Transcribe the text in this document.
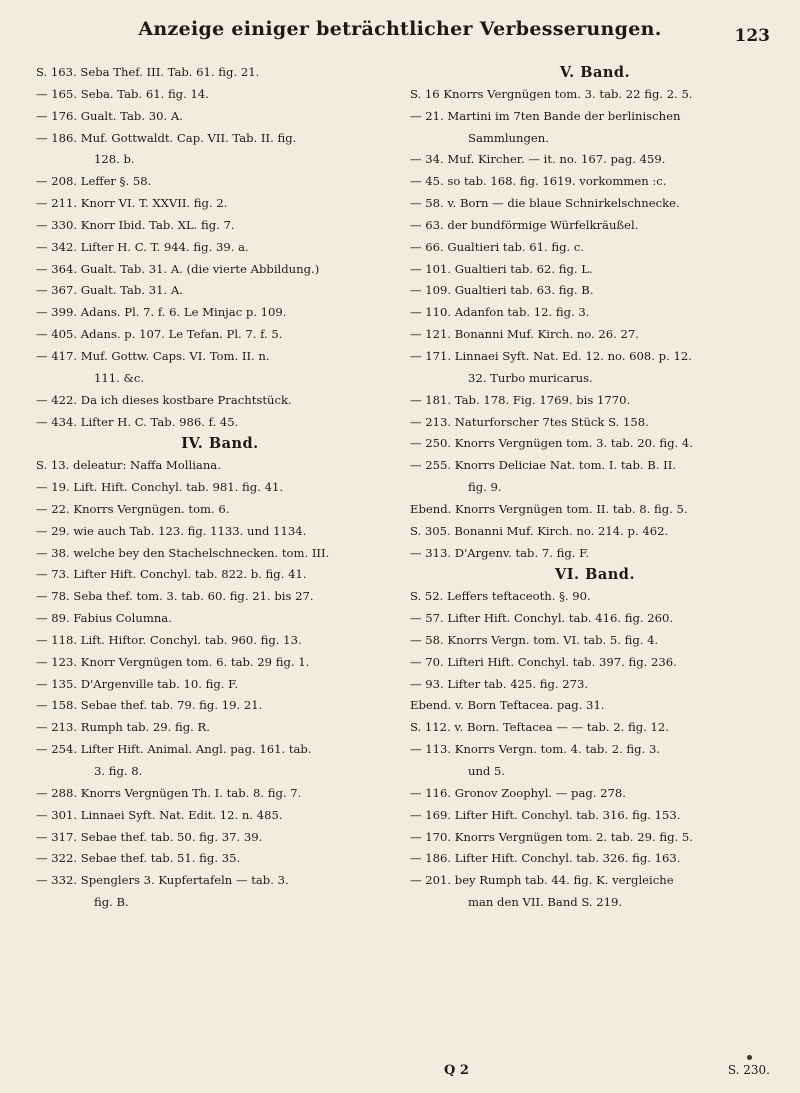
Anzeige einiger beträchtlicher Verbesserungen.	123
S. 163. Seba Thef. III. Tab. 61. fig. 21.
— 165. Seba. Tab. 61. fig. 14.
— 176. Gualt. Tab. 30. A.
— 186. Muf. Gottwaldt. Cap. VII. Tab. II. fig.
128. b.
— 208. Leffer §. 58.
— 211. Knorr VI. T. XXVII. fig. 2.
— 330. Knorr Ibid. Tab. XL. fig. 7.
— 342. Lifter H. C. T. 944. fig. 39. a.
— 364. Gualt. Tab. 31. A. (die vierte Abbildung.)
— 367. Gualt. Tab. 31. A.
— 399. Adans. Pl. 7. f. 6. Le Minjac p. 109.
— 405. Adans. p. 107. Le Tefan. Pl. 7. f. 5.
— 417. Muf. Gottw. Caps. VI. Tom. II. n.
111. &c.
— 422. Da ich dieses kostbare Prachtstück.
— 434. Lifter H. C. Tab. 986. f. 45.
IV. Band.
S. 13. deleatur: Naffa Molliana.
— 19. Lift. Hift. Conchyl. tab. 981. fig. 41.
— 22. Knorrs Vergnügen. tom. 6.
— 29. wie auch Tab. 123. fig. 1133. und 1134.
— 38. welche bey den Stachelschnecken. tom. III.
— 73. Lifter Hift. Conchyl. tab. 822. b. fig. 41.
— 78. Seba thef. tom. 3. tab. 60. fig. 21. bis 27.
— 89. Fabius Columna.
— 118. Lift. Hiftor. Conchyl. tab. 960. fig. 13.
— 123. Knorr Vergnügen tom. 6. tab. 29 fig. 1.
— 135. D'Argenville tab. 10. fig. F.
— 158. Sebae thef. tab. 79. fig. 19. 21.
— 213. Rumph tab. 29. fig. R.
— 254. Lifter Hift. Animal. Angl. pag. 161. tab.
3. fig. 8.
— 288. Knorrs Vergnügen Th. I. tab. 8. fig. 7.
— 301. Linnaei Syft. Nat. Edit. 12. n. 485.
— 317. Sebae thef. tab. 50. fig. 37. 39.
— 322. Sebae thef. tab. 51. fig. 35.
— 332. Spenglers 3. Kupfertafeln — tab. 3.
fig. B.
V. Band.
S. 16 Knorrs Vergnügen tom. 3. tab. 22 fig. 2. 5.
— 21. Martini im 7ten Bande der berlinischen
Sammlungen.
— 34. Muf. Kircher. — it. no. 167. pag. 459.
— 45. so tab. 168. fig. 1619. vorkommen :c.
— 58. v. Born — die blaue Schnirkelschnecke.
— 63. der bundförmige Würfelkräußel.
— 66. Gualtieri tab. 61. fig. c.
— 101. Gualtieri tab. 62. fig. L.
— 109. Gualtieri tab. 63. fig. B.
— 110. Adanfon tab. 12. fig. 3.
— 121. Bonanni Muf. Kirch. no. 26. 27.
— 171. Linnaei Syft. Nat. Ed. 12. no. 608. p. 12.
32. Turbo muricarus.
— 181. Tab. 178. Fig. 1769. bis 1770.
— 213. Naturforscher 7tes Stück S. 158.
— 250. Knorrs Vergnügen tom. 3. tab. 20. fig. 4.
— 255. Knorrs Deliciae Nat. tom. I. tab. B. II.
fig. 9.
Ebend. Knorrs Vergnügen tom. II. tab. 8. fig. 5.
S. 305. Bonanni Muf. Kirch. no. 214. p. 462.
— 313. D'Argenv. tab. 7. fig. F.
VI. Band.
S. 52. Leffers teftaceoth. §. 90.
— 57. Lifter Hift. Conchyl. tab. 416. fig. 260.
— 58. Knorrs Vergn. tom. VI. tab. 5. fig. 4.
— 70. Lifteri Hift. Conchyl. tab. 397. fig. 236.
— 93. Lifter tab. 425. fig. 273.
Ebend. v. Born Teftacea. pag. 31.
S. 112. v. Born. Teftacea — — tab. 2. fig. 12.
— 113. Knorrs Vergn. tom. 4. tab. 2. fig. 3.
und 5.
— 116. Gronov Zoophyl. — pag. 278.
— 169. Lifter Hift. Conchyl. tab. 316. fig. 153.
— 170. Knorrs Vergnügen tom. 2. tab. 29. fig. 5.
— 186. Lifter Hift. Conchyl. tab. 326. fig. 163.
— 201. bey Rumph tab. 44. fig. K. vergleiche
man den VII. Band S. 219.
Q 2	S. 230.
